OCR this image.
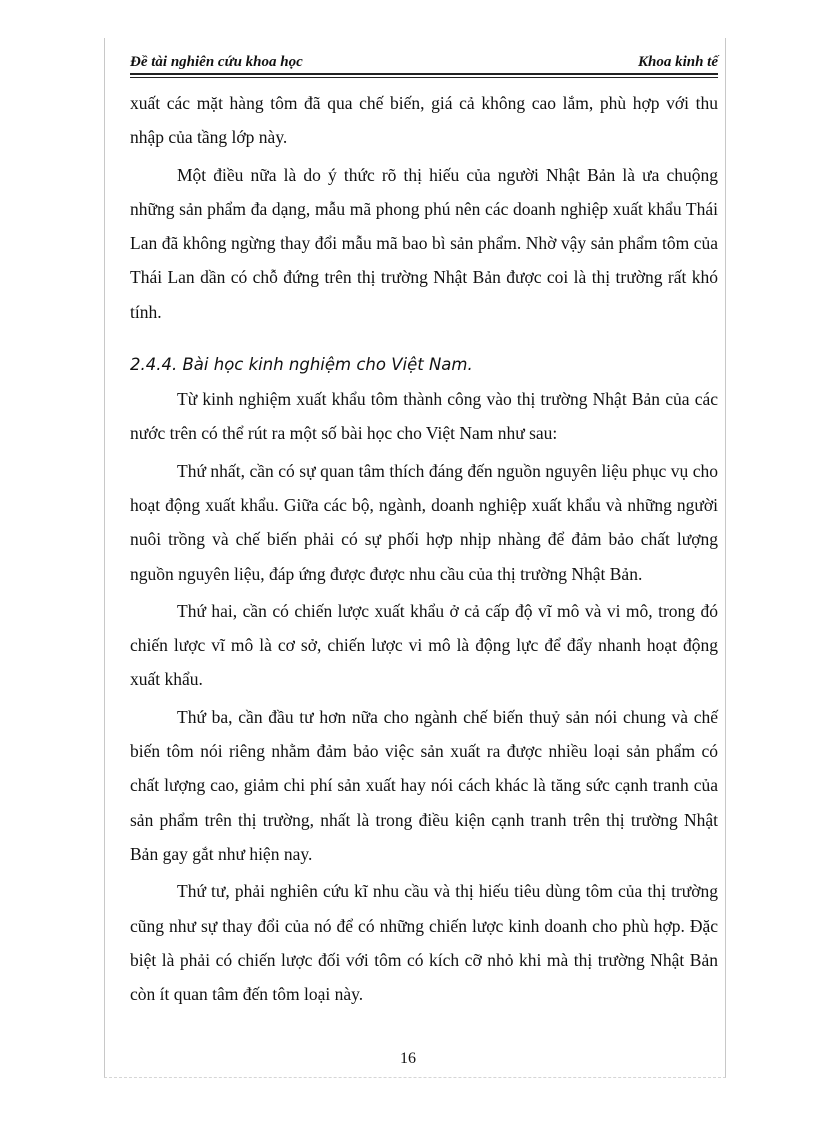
Đề tài nghiên cứu khoa học	Khoa kinh tế

xuất các mặt hàng tôm đã qua chế biến, giá cả không cao lắm, phù hợp với thu nhập của tầng lớp này.

Một điều nữa là do ý thức rõ thị hiếu của người Nhật Bản là ưa chuộng những sản phẩm đa dạng, mẫu mã phong phú nên các doanh nghiệp xuất khẩu Thái Lan đã không ngừng thay đổi mẫu mã bao bì sản phẩm. Nhờ vậy sản phẩm tôm của Thái Lan dần có chỗ đứng trên thị trường Nhật Bản được coi là thị trường rất khó tính.

2.4.4. Bài học kinh nghiệm cho Việt Nam.

Từ kinh nghiệm xuất khẩu tôm thành công vào thị trường Nhật Bản của các nước trên có thể rút ra một số bài học cho Việt Nam như sau:

Thứ nhất, cần có sự quan tâm thích đáng đến nguồn nguyên liệu phục vụ cho hoạt động xuất khẩu. Giữa các bộ, ngành, doanh nghiệp xuất khẩu và những người nuôi trồng và chế biến phải có sự phối hợp nhịp nhàng để đảm bảo chất lượng nguồn nguyên liệu, đáp ứng được được nhu cầu của thị trường Nhật Bản.

Thứ hai, cần có chiến lược xuất khẩu ở cả cấp độ vĩ mô và vi mô, trong đó chiến lược vĩ mô là cơ sở, chiến lược vi mô là động lực để đẩy nhanh hoạt động xuất khẩu.

Thứ ba, cần đầu tư hơn nữa cho ngành chế biến thuỷ sản nói chung và chế biến tôm nói riêng nhằm đảm bảo việc sản xuất ra được nhiều loại sản phẩm có chất lượng cao, giảm chi phí sản xuất hay nói cách khác là tăng sức cạnh tranh của sản phẩm trên thị trường, nhất là trong điều kiện cạnh tranh trên thị trường Nhật Bản gay gắt như hiện nay.

Thứ tư, phải nghiên cứu kĩ nhu cầu và thị hiếu tiêu dùng tôm của thị trường cũng như sự thay đổi của nó để có những chiến lược kinh doanh cho phù hợp. Đặc biệt là phải có chiến lược đối với tôm có kích cỡ nhỏ khi mà thị trường Nhật Bản còn ít quan tâm đến tôm loại này.

16
